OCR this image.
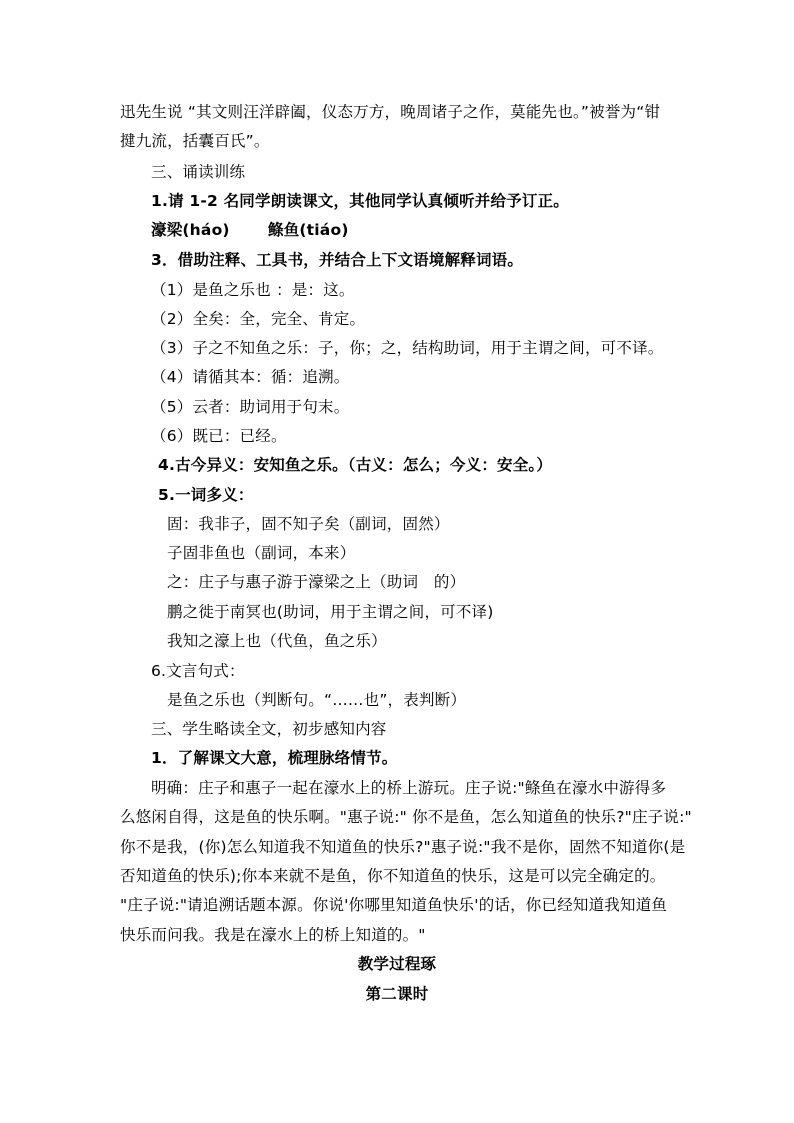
迅先生说 “其文则汪洋辟阖，仪态万方，晚周诸子之作，莫能先也。”被誉为“钳
揵九流，括囊百氏”。
三、诵读训练
1.请 1-2 名同学朗读课文，其他同学认真倾听并给予订正。
濠梁(háo) 鲦鱼(tiáo)
3．借助注释、工具书，并结合上下文语境解释词语。
（1）是鱼之乐也 ：是：这。
（2）全矣：全，完全、肯定。
（3）子之不知鱼之乐：子，你；之，结构助词，用于主谓之间，可不译。
（4）请循其本：循：追溯。
（5）云者：助词用于句末。
（6）既已：已经。
4.古今异义：安知鱼之乐。（古义：怎么；今义：安全。）
5.一词多义：
固：我非子，固不知子矣（副词，固然）
子固非鱼也（副词，本来）
之：庄子与惠子游于濠梁之上（助词　的）
鹏之徙于南冥也(助词，用于主谓之间，可不译)
我知之濠上也（代鱼，鱼之乐）
6.文言句式：
是鱼之乐也（判断句。“……也”，表判断）
三、学生略读全文，初步感知内容
1．了解课文大意，梳理脉络情节。
明确：庄子和惠子一起在濠水上的桥上游玩。庄子说:"鲦鱼在濠水中游得多
么悠闲自得，这是鱼的快乐啊。"惠子说:" 你不是鱼，怎么知道鱼的快乐?"庄子说:"
你不是我，(你)怎么知道我不知道鱼的快乐?"惠子说:"我不是你，固然不知道你(是
否知道鱼的快乐);你本来就不是鱼，你不知道鱼的快乐，这是可以完全确定的。
"庄子说:"请追溯话题本源。你说'你哪里知道鱼快乐'的话，你已经知道我知道鱼
快乐而问我。我是在濠水上的桥上知道的。"
教学过程琢
第二课时
